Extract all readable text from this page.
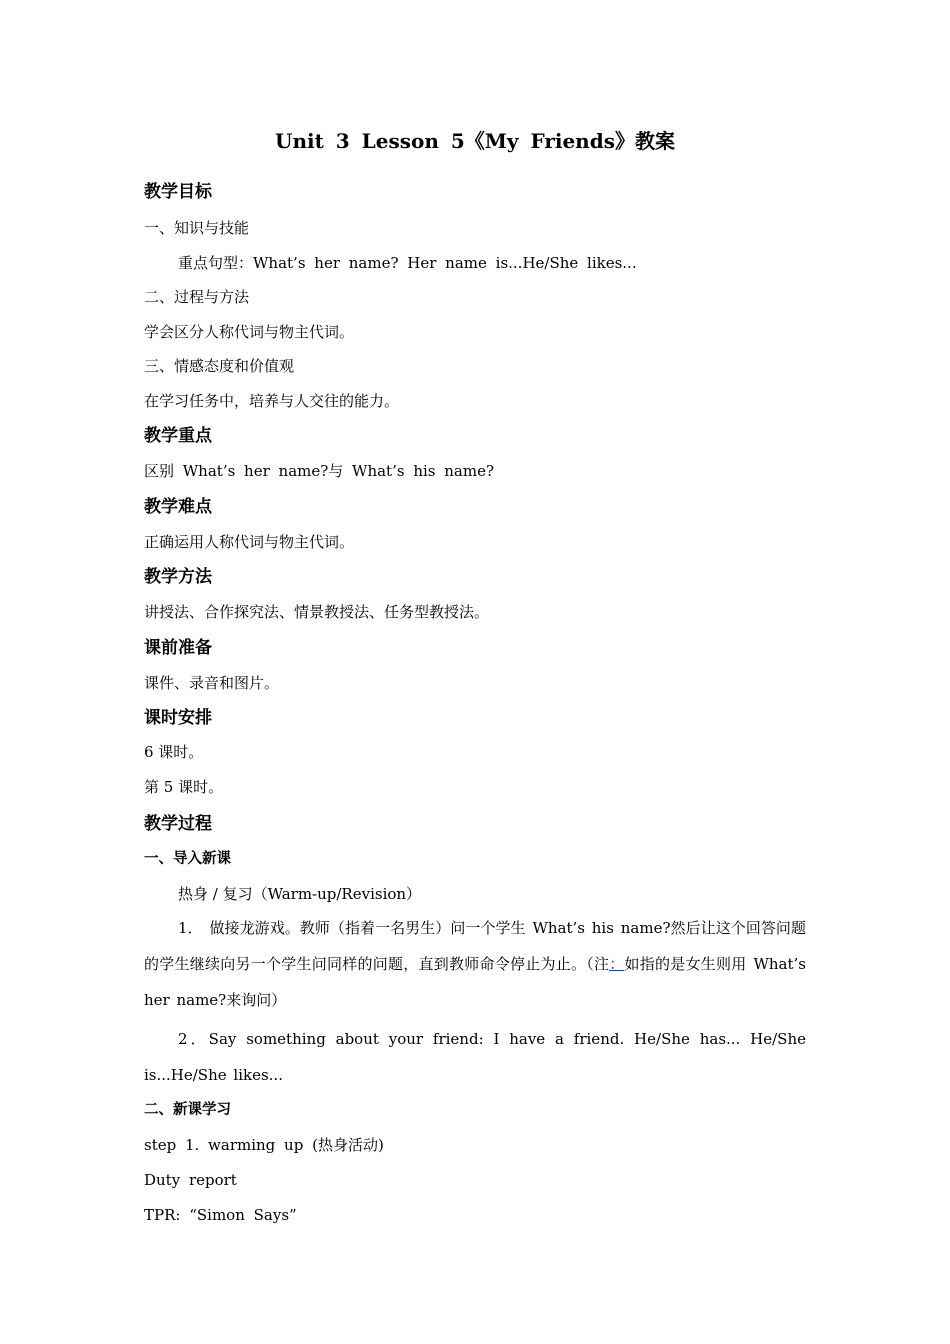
Unit 3 Lesson 5《My Friends》教案
教学目标
一、知识与技能
重点句型：What’s her name? Her name is...He/She likes...
二、过程与方法
学会区分人称代词与物主代词。
三、情感态度和价值观
在学习任务中，培养与人交往的能力。
教学重点
区别 What’s her name?与 What’s his name?
教学难点
正确运用人称代词与物主代词。
教学方法
讲授法、合作探究法、情景教授法、任务型教授法。
课前准备
课件、录音和图片。
课时安排
6 课时。
第 5 课时。
教学过程
一、导入新课
热身 / 复习（Warm-up/Revision）
1． 做接龙游戏。教师（指着一名男生）问一个学生 What’s his name?然后让这个回答问题的学生继续向另一个学生问同样的问题，直到教师命令停止为止。（注：如指的是女生则用 What’s her name?来询问）
2．Say something about your friend: I have a friend. He/She has... He/She is...He/She likes...
二、新课学习
step 1. warming up (热身活动)
Duty report
TPR: “Simon Says”
